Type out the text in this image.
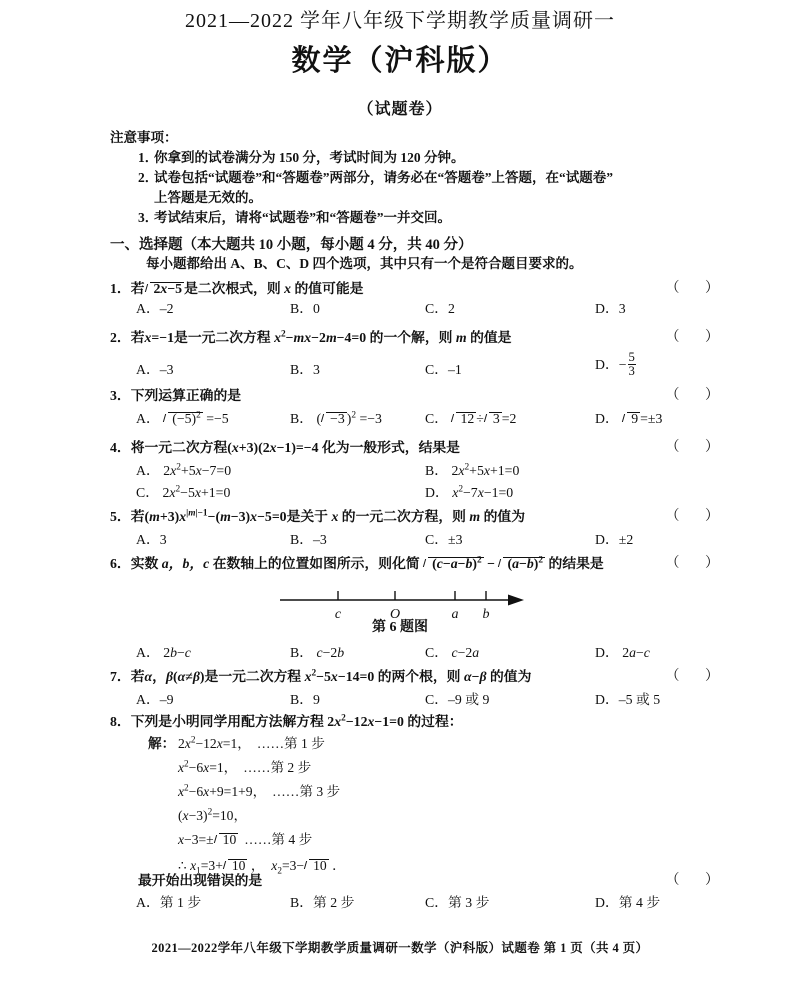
2021—2022 学年八年级下学期教学质量调研一
数学（沪科版）
（试题卷）
注意事项：
1．你拿到的试卷满分为 150 分，考试时间为 120 分钟。
2．试卷包括“试题卷”和“答题卷”两部分，请务必在“答题卷”上答题，在“试题卷”
上答题是无效的。
3．考试结束后，请将“试题卷”和“答题卷”一并交回。
一、选择题（本大题共 10 小题，每小题 4 分，共 40 分）
每小题都给出 A、B、C、D 四个选项，其中只有一个是符合题目要求的。
1．若 2x−5 是二次根式，则 x 的值可能是	（ ）
A．–2	B．0	C．2	D．3
2．若x=−1是一元二次方程 $x^2-mx-2m-4=0$ 的一个解，则 m 的值是	（ ）
A．–3	B．3	C．–1	D．− $\frac{5}{3}$
3．下列运算正确的是	（ ）
A． $(-5)^2 =-5$	B． ( −3 )$^2$ =−3	C． 12 ÷ 3 =2	D． 9 =±3
4．将一元二次方程(x+3)(2x−1)=−4 化为一般形式，结果是	（ ）
A． $2x^2+5x-7=0$	B． $2x^2+5x+1=0$
C． $2x^2-5x+1=0$	D． $x^2-7x-1=0$
5．若$(m+3)x^{|m|-1}-(m-3)x-5=0$是关于 x 的一元二次方程，则 m 的值为	（ ）
A．3	B．–3	C．±3	D．±2
6．实数 a，b，c 在数轴上的位置如图所示，则化简 $(c-a-b)^2 - (a-b)^2$ 的结果是	（ ）
c	O	a b
第 6 题图
A． 2b−c	B． c−2b	C． c−2a	D． 2a−c
7．若α，β(α≠β)是一元二次方程 $x^2-5x-14=0$ 的两个根，则 α−β 的值为	（ ）
A．–9	B．9	C．–9 或 9	D．–5 或 5
8．下列是小明同学用配方法解方程 $2x^2-12x-1=0$ 的过程：
解： $2x^2-12x=1$， ……第 1 步
$x^2-6x=1$， ……第 2 步
$x^2-6x+9=1+9$， ……第 3 步
$(x-3)^2=10$，
x−3=± 10 ……第 4 步
∴ $x_1=3+ 10$ ，  $x_2=3- 10$ ．
最开始出现错误的是	（ ）
A．第 1 步	B．第 2 步	C．第 3 步	D．第 4 步
2021—2022学年八年级下学期教学质量调研一数学（沪科版）试题卷 第 1 页（共 4 页）
